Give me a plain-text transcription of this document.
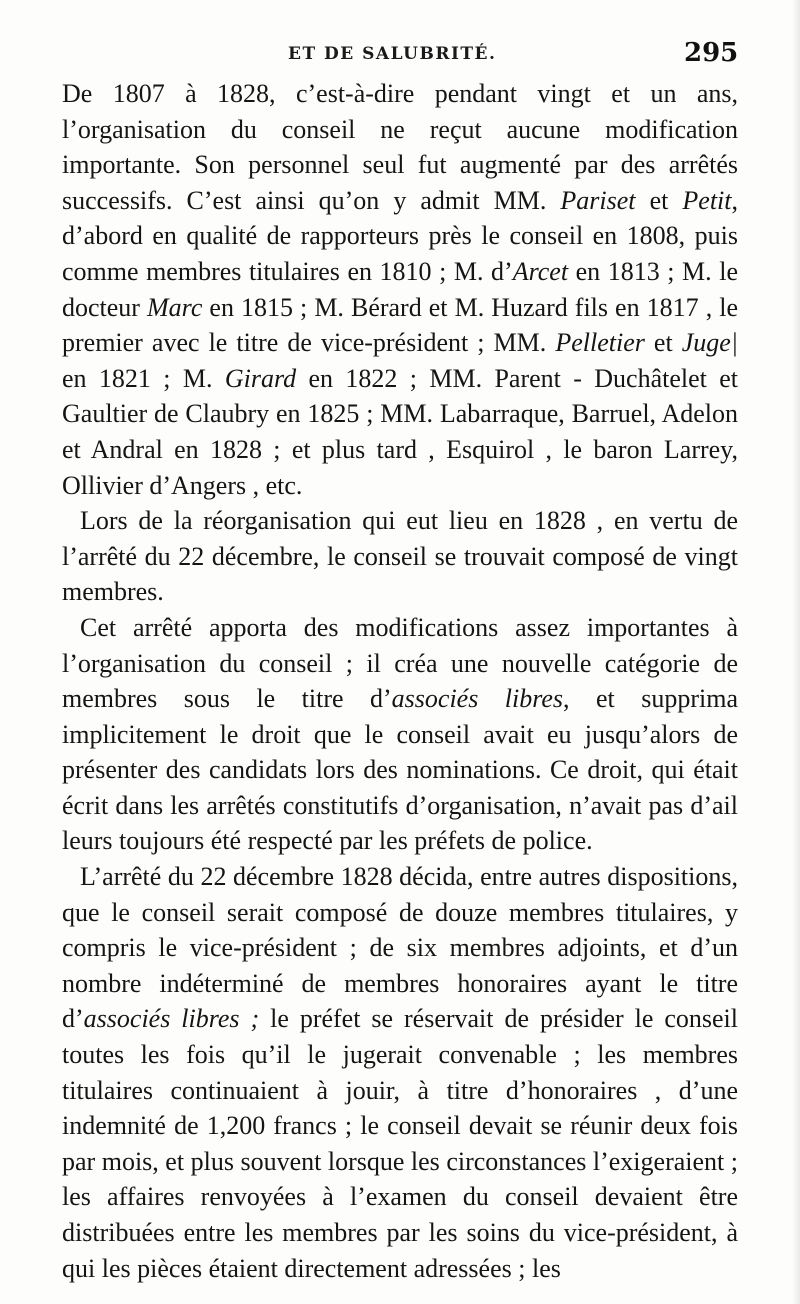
ET DE SALUBRITÉ.	295

De 1807 à 1828, c’est-à-dire pendant vingt et un ans, l’organisation du conseil ne reçut aucune modification importante. Son personnel seul fut augmenté par des arrêtés successifs. C’est ainsi qu’on y admit MM. Pariset et Petit, d’abord en qualité de rapporteurs près le conseil en 1808, puis comme membres titulaires en 1810 ; M. d’Arcet en 1813 ; M. le docteur Marc en 1815 ; M. Bérard et M. Huzard fils en 1817 , le premier avec le titre de vice-président ; MM. Pelletier et Juge| en 1821 ; M. Girard en 1822 ; MM. Parent - Duchâtelet et Gaultier de Claubry en 1825 ; MM. Labarraque, Barruel, Adelon et Andral en 1828 ; et plus tard , Esquirol , le baron Larrey, Ollivier d’Angers , etc.

Lors de la réorganisation qui eut lieu en 1828 , en vertu de l’arrêté du 22 décembre, le conseil se trouvait composé de vingt membres.

Cet arrêté apporta des modifications assez importantes à l’organisation du conseil ; il créa une nouvelle catégorie de membres sous le titre d’associés libres, et supprima implicitement le droit que le conseil avait eu jusqu’alors de présenter des candidats lors des nominations. Ce droit, qui était écrit dans les arrêtés constitutifs d’organisation, n’avait pas d’ail leurs toujours été respecté par les préfets de police.

L’arrêté du 22 décembre 1828 décida, entre autres dispositions, que le conseil serait composé de douze membres titulaires, y compris le vice-président ; de six membres adjoints, et d’un nombre indéterminé de membres honoraires ayant le titre d’associés libres ; le préfet se réservait de présider le conseil toutes les fois qu’il le jugerait convenable ; les membres titulaires continuaient à jouir, à titre d’honoraires , d’une indemnité de 1,200 francs ; le conseil devait se réunir deux fois par mois, et plus souvent lorsque les circonstances l’exigeraient ; les affaires renvoyées à l’examen du conseil devaient être distribuées entre les membres par les soins du vice-président, à qui les pièces étaient directement adressées ; les
